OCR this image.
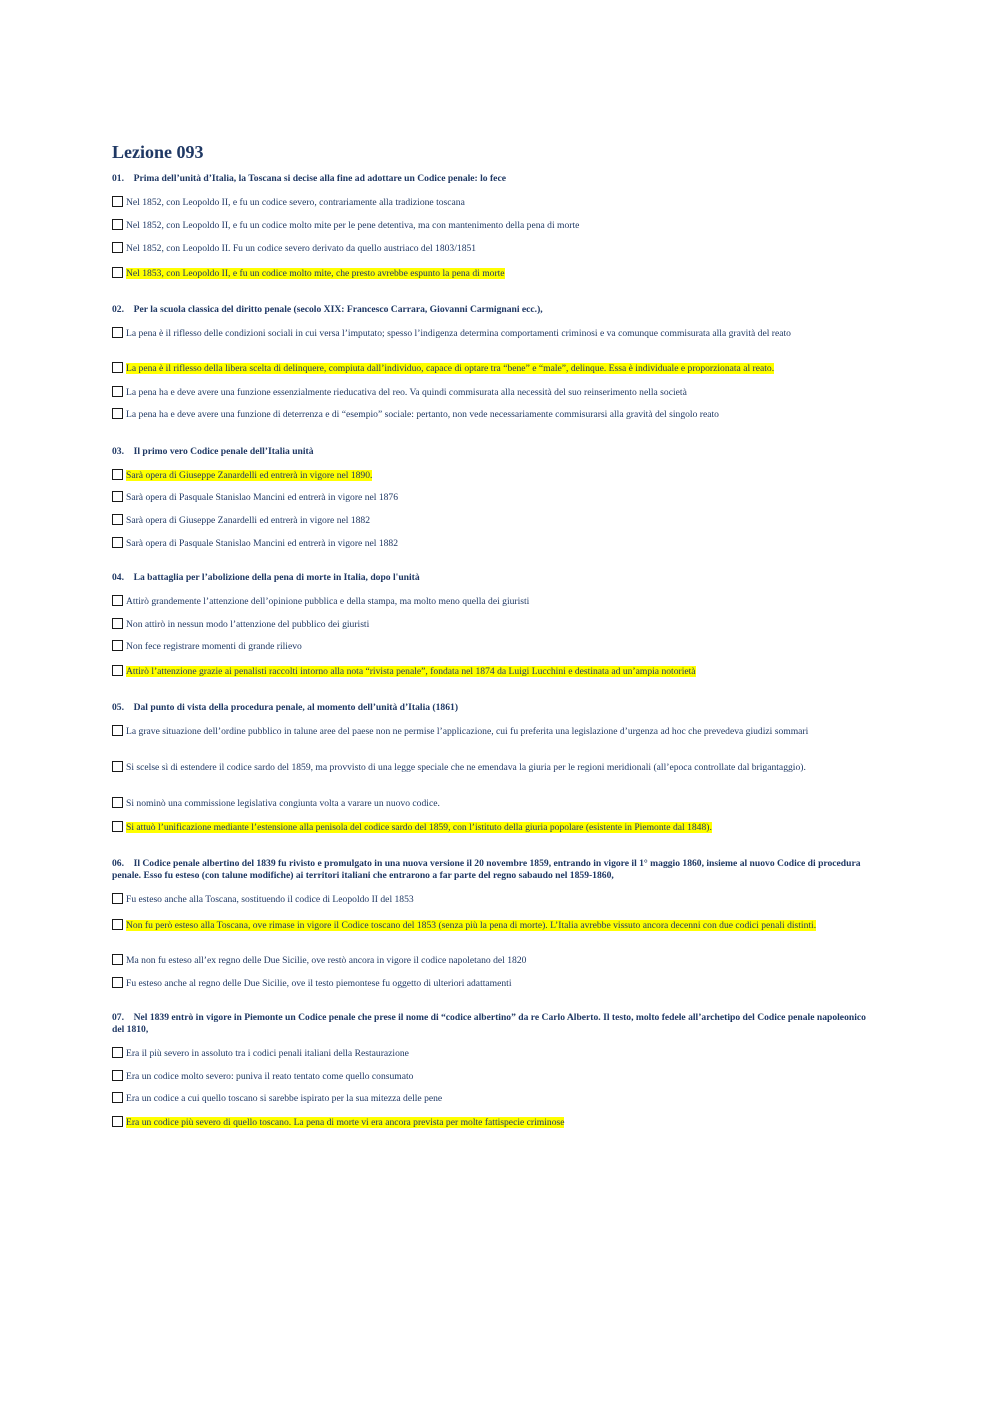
Lezione 093
01.    Prima dell’unità d’Italia, la Toscana si decise alla fine ad adottare un Codice penale: lo fece
Nel 1852, con Leopoldo II, e fu un codice severo, contrariamente alla tradizione toscana
Nel 1852, con Leopoldo II, e fu un codice molto mite per le pene detentiva, ma con mantenimento della pena di morte
Nel 1852, con Leopoldo II. Fu un codice severo derivato da quello austriaco del 1803/1851
Nel 1853, con Leopoldo II, e fu un codice molto mite, che presto avrebbe espunto la pena di morte
02.    Per la scuola classica del diritto penale (secolo XIX: Francesco Carrara, Giovanni Carmignani ecc.),
La pena è il riflesso delle condizioni sociali in cui versa l’imputato; spesso l’indigenza determina comportamenti criminosi e va comunque commisurata alla gravità del reato
La pena è il riflesso della libera scelta di delinquere, compiuta dall’individuo, capace di optare tra “bene” e “male”, delinque. Essa è individuale e proporzionata al reato.
La pena ha e deve avere una funzione essenzialmente rieducativa del reo. Va quindi commisurata alla necessità del suo reinserimento nella società
La pena ha e deve avere una funzione di deterrenza e di “esempio” sociale: pertanto, non vede necessariamente commisurarsi alla gravità del singolo reato
03.    Il primo vero Codice penale dell’Italia unità
Sarà opera di Giuseppe Zanardelli ed entrerà in vigore nel 1890.
Sarà opera di Pasquale Stanislao Mancini ed entrerà in vigore nel 1876
Sarà opera di Giuseppe Zanardelli ed entrerà in vigore nel 1882
Sarà opera di Pasquale Stanislao Mancini ed entrerà in vigore nel 1882
04.    La battaglia per l’abolizione della pena di morte in Italia, dopo l'unità
Attirò grandemente l’attenzione dell’opinione pubblica e della stampa, ma molto meno quella dei giuristi
Non attirò in nessun modo l’attenzione del pubblico dei giuristi
Non fece registrare momenti di grande rilievo
Attirò l’attenzione grazie ai penalisti raccolti intorno alla nota “rivista penale”, fondata nel 1874 da Luigi Lucchini e destinata ad un’ampia notorietà
05.    Dal punto di vista della procedura penale, al momento dell’unità d’Italia (1861)
La grave situazione dell’ordine pubblico in talune aree del paese non ne permise l’applicazione, cui fu preferita una legislazione d’urgenza ad hoc che prevedeva giudizi sommari
Si scelse sì di estendere il codice sardo del 1859, ma provvisto di una legge speciale che ne emendava la giuria per le regioni meridionali (all’epoca controllate dal brigantaggio).
Si nominò una commissione legislativa congiunta volta a varare un nuovo codice.
Si attuò l’unificazione mediante l’estensione alla penisola del codice sardo del 1859, con l’istituto della giuria popolare (esistente in Piemonte dal 1848).
06.    Il Codice penale albertino del 1839 fu rivisto e promulgato in una nuova versione il 20 novembre 1859, entrando in vigore il 1° maggio 1860, insieme al nuovo Codice di procedura penale. Esso fu esteso (con talune modifiche) ai territori italiani che entrarono a far parte del regno sabaudo nel 1859-1860,
Fu esteso anche alla Toscana, sostituendo il codice di Leopoldo II del 1853
Non fu però esteso alla Toscana, ove rimase in vigore il Codice toscano del 1853 (senza più la pena di morte). L’Italia avrebbe vissuto ancora decenni con due codici penali distinti.
Ma non fu esteso all’ex regno delle Due Sicilie, ove restò ancora in vigore il codice napoletano del 1820
Fu esteso anche al regno delle Due Sicilie, ove il testo piemontese fu oggetto di ulteriori adattamenti
07.    Nel 1839 entrò in vigore in Piemonte un Codice penale che prese il nome di “codice albertino” da re Carlo Alberto. Il testo, molto fedele all’archetipo del Codice penale napoleonico del 1810,
Era il più severo in assoluto tra i codici penali italiani della Restaurazione
Era un codice molto severo: puniva il reato tentato come quello consumato
Era un codice a cui quello toscano si sarebbe ispirato per la sua mitezza delle pene
Era un codice più severo di quello toscano. La pena di morte vi era ancora prevista per molte fattispecie criminose
